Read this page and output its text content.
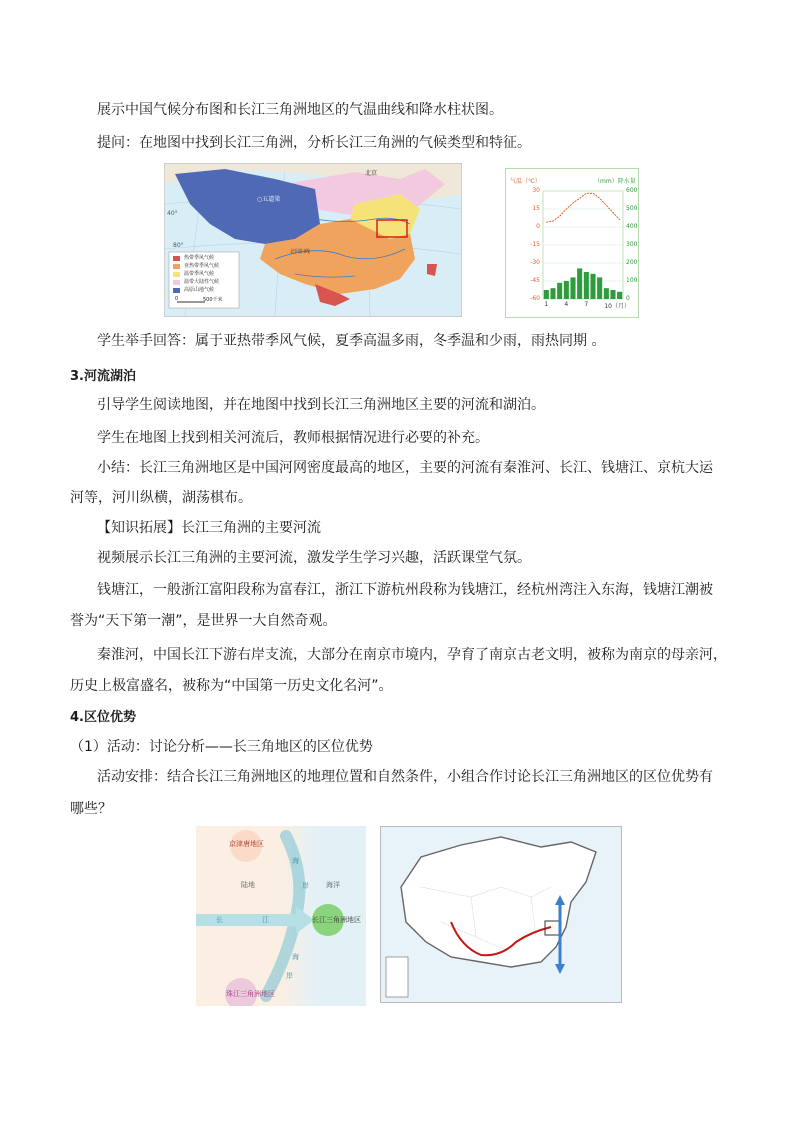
展示中国气候分布图和长江三角洲地区的气温曲线和降水柱状图。
提问：在地图中找到长江三角洲，分析长江三角洲的气候类型和特征。
热带季风气候
亚热带季风气候
温带季风气候
温带大陆性气候
高原山地气候
0	500千米
北京
○五道梁
北回归线
80°
40°
气温（℃）	（mm）降水量
30	600
15	500
0	400
-15	300
-30	200
-45	100
-60	0
1	4	7	10（月）
学生举手回答：属于亚热带季风气候，夏季高温多雨，冬季温和少雨，雨热同期 。
3.河流湖泊
引导学生阅读地图，并在地图中找到长江三角洲地区主要的河流和湖泊。
学生在地图上找到相关河流后，教师根据情况进行必要的补充。
小结：长江三角洲地区是中国河网密度最高的地区，主要的河流有秦淮河、长江、钱塘江、京杭大运
河等，河川纵横，湖荡棋布。
【知识拓展】长江三角洲的主要河流
视频展示长江三角洲的主要河流，激发学生学习兴趣，活跃课堂气氛。
钱塘江，一般浙江富阳段称为富春江，浙江下游杭州段称为钱塘江，经杭州湾注入东海，钱塘江潮被
誉为“天下第一潮”，是世界一大自然奇观。
秦淮河，中国长江下游右岸支流，大部分在南京市境内，孕育了南京古老文明，被称为南京的母亲河，
历史上极富盛名，被称为“中国第一历史文化名河”。
4.区位优势
（1）活动：讨论分析——长三角地区的区位优势
活动安排：结合长江三角洲地区的地理位置和自然条件，小组合作讨论长江三角洲地区的区位优势有
哪些？
京津唐地区
珠江三角洲地区
长江三角洲地区
陆地	海洋
海
岸
海
岸
长	江
